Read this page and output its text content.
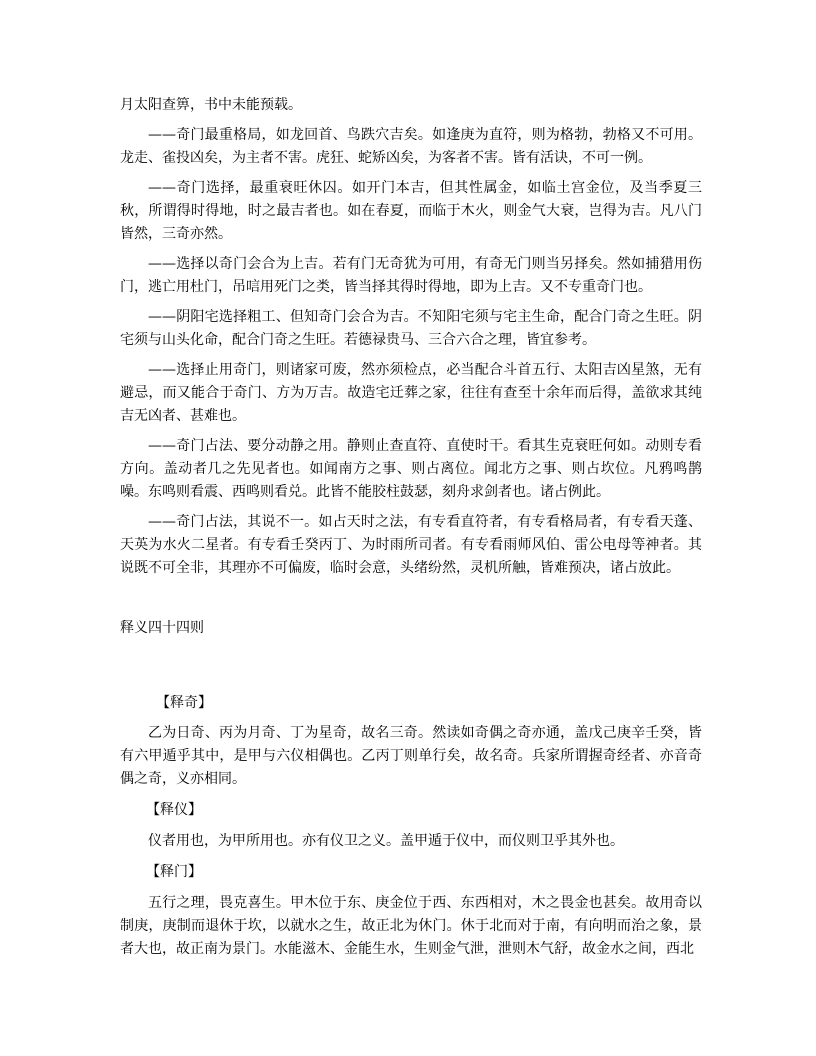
月太阳查箅，书中未能预载。

——奇门最重格局，如龙回首、鸟跌穴吉矣。如逢庚为直符，则为格勃，勃格又不可用。龙走、雀投凶矣，为主者不害。虎狂、蛇矫凶矣，为客者不害。皆有活诀，不可一例。

——奇门选择，最重衰旺休囚。如开门本吉，但其性属金，如临土宫金位，及当季夏三秋，所谓得时得地，时之最吉者也。如在春夏，而临于木火，则金气大衰，岂得为吉。凡八门皆然，三奇亦然。

——选择以奇门会合为上吉。若有门无奇犹为可用，有奇无门则当另择矣。然如捕猎用伤门，逃亡用杜门，吊唁用死门之类，皆当择其得时得地，即为上吉。又不专重奇门也。

——阴阳宅选择粗工、但知奇门会合为吉。不知阳宅须与宅主生命，配合门奇之生旺。阴宅须与山头化命，配合门奇之生旺。若德禄贵马、三合六合之理，皆宜参考。

——选择止用奇门，则诸家可废，然亦须检点，必当配合斗首五行、太阳吉凶星煞，无有避忌，而又能合于奇门、方为万吉。故造宅迁葬之家，往往有查至十余年而后得，盖欲求其纯吉无凶者、甚难也。

——奇门占法、要分动静之用。静则止查直符、直使时干。看其生克衰旺何如。动则专看方向。盖动者几之先见者也。如闻南方之事、则占离位。闻北方之事、则占坎位。凡鸦鸣鹊噪。东鸣则看震、西鸣则看兑。此皆不能胶柱鼓瑟，刻舟求剑者也。诸占例此。

——奇门占法，其说不一。如占天时之法，有专看直符者，有专看格局者，有专看天蓬、天英为水火二星者。有专看壬癸丙丁、为时雨所司者。有专看雨师风伯、雷公电母等神者。其说既不可全非，其理亦不可偏废，临时会意，头绪纷然，灵机所触，皆难预决，诸占放此。

释义四十四则

【释奇】

乙为日奇、丙为月奇、丁为星奇，故名三奇。然读如奇偶之奇亦通，盖戊己庚辛壬癸，皆有六甲遁乎其中，是甲与六仪相偶也。乙丙丁则单行矣，故名奇。兵家所谓握奇经者、亦音奇偶之奇，义亦相同。

【释仪】

仪者用也，为甲所用也。亦有仪卫之义。盖甲遁于仪中，而仪则卫乎其外也。

【释门】

五行之理，畏克喜生。甲木位于东、庚金位于西、东西相对，木之畏金也甚矣。故用奇以制庚，庚制而退休于坎，以就水之生，故正北为休门。休于北而对于南，有向明而治之象，景者大也，故正南为景门。水能滋木、金能生水，生则金气泄，泄则木气舒，故金水之间，西北
